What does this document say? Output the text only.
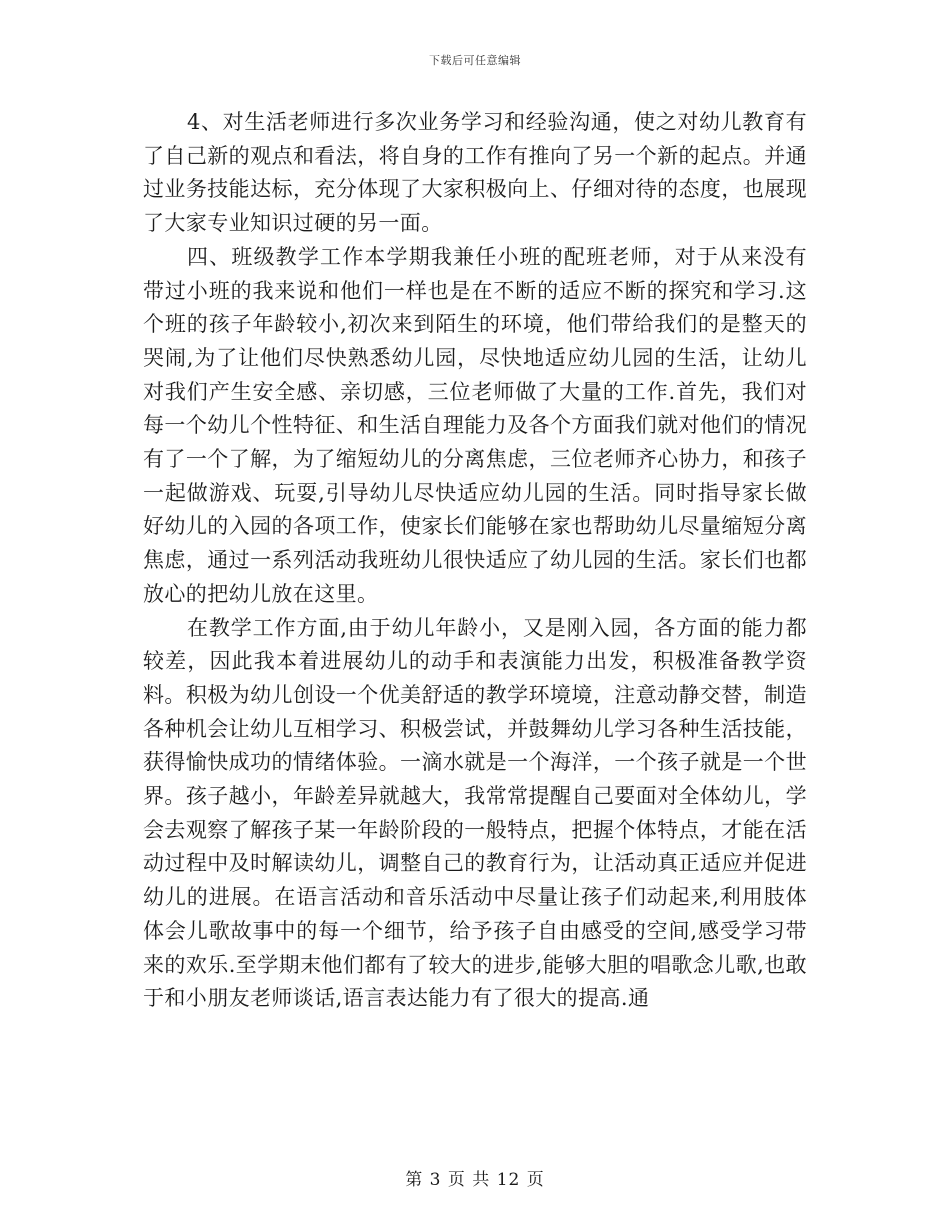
下载后可任意编辑

4、对生活老师进行多次业务学习和经验沟通，使之对幼儿教育有了自己新的观点和看法，将自身的工作有推向了另一个新的起点。并通过业务技能达标，充分体现了大家积极向上、仔细对待的态度，也展现了大家专业知识过硬的另一面。

四、班级教学工作本学期我兼任小班的配班老师，对于从来没有带过小班的我来说和他们一样也是在不断的适应不断的探究和学习.这个班的孩子年龄较小,初次来到陌生的环境，他们带给我们的是整天的哭闹,为了让他们尽快熟悉幼儿园，尽快地适应幼儿园的生活，让幼儿对我们产生安全感、亲切感，三位老师做了大量的工作.首先，我们对每一个幼儿个性特征、和生活自理能力及各个方面我们就对他们的情况有了一个了解，为了缩短幼儿的分离焦虑，三位老师齐心协力，和孩子一起做游戏、玩耍,引导幼儿尽快适应幼儿园的生活。同时指导家长做好幼儿的入园的各项工作，使家长们能够在家也帮助幼儿尽量缩短分离焦虑，通过一系列活动我班幼儿很快适应了幼儿园的生活。家长们也都放心的把幼儿放在这里。

在教学工作方面,由于幼儿年龄小，又是刚入园，各方面的能力都较差，因此我本着进展幼儿的动手和表演能力出发，积极准备教学资料。积极为幼儿创设一个优美舒适的教学环境境，注意动静交替，制造各种机会让幼儿互相学习、积极尝试，并鼓舞幼儿学习各种生活技能，获得愉快成功的情绪体验。一滴水就是一个海洋，一个孩子就是一个世界。孩子越小，年龄差异就越大，我常常提醒自己要面对全体幼儿，学会去观察了解孩子某一年龄阶段的一般特点，把握个体特点，才能在活动过程中及时解读幼儿，调整自己的教育行为，让活动真正适应并促进幼儿的进展。在语言活动和音乐活动中尽量让孩子们动起来,利用肢体体会儿歌故事中的每一个细节，给予孩子自由感受的空间,感受学习带来的欢乐.至学期末他们都有了较大的进步,能够大胆的唱歌念儿歌,也敢于和小朋友老师谈话,语言表达能力有了很大的提高.通

第 3 页 共 12 页
